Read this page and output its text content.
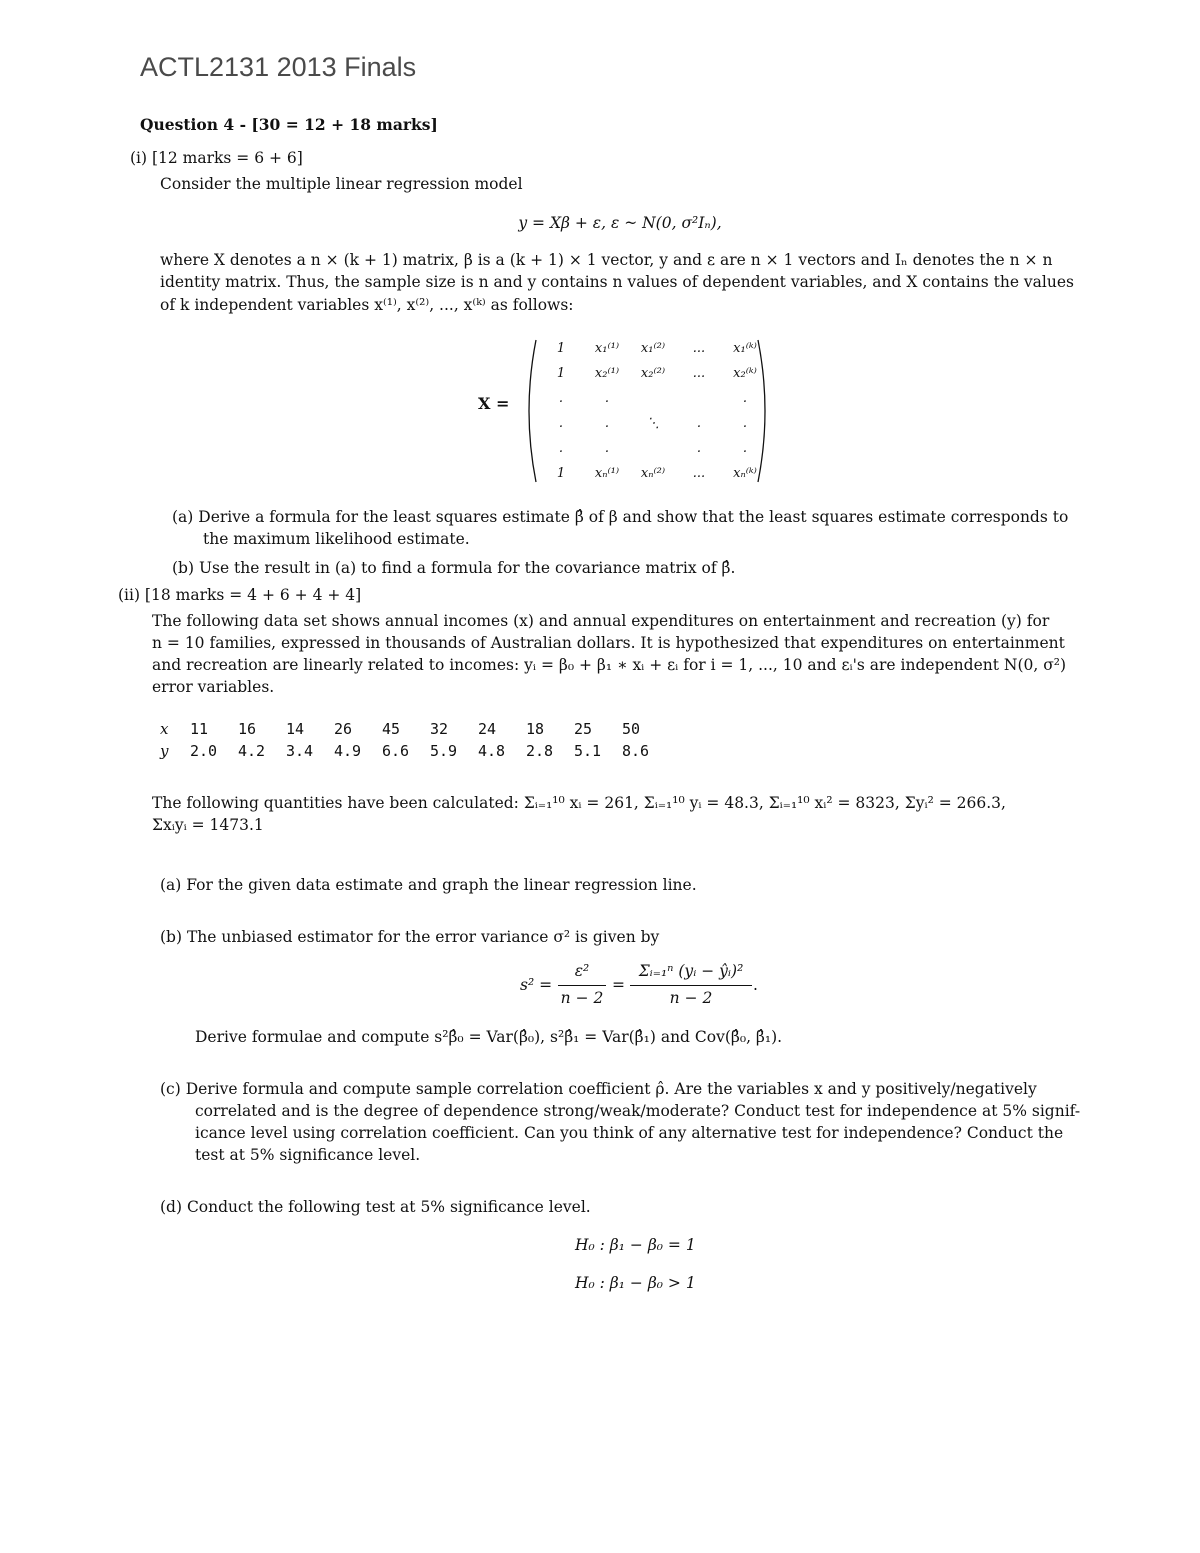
ACTL2131 2013 Finals
Question 4 - [30 = 12 + 18 marks]
(i) [12 marks = 6 + 6]
Consider the multiple linear regression model
y = Xβ + ε, ε ~ N(0, σ²Iₙ),
where X denotes a n × (k + 1) matrix, β is a (k + 1) × 1 vector, y and ε are n × 1 vectors and Iₙ denotes the n × n
identity matrix. Thus, the sample size is n and y contains n values of dependent variables, and X contains the values
of k independent variables x⁽¹⁾, x⁽²⁾, ..., x⁽ᵏ⁾ as follows:
X =
1	x₁⁽¹⁾	x₁⁽²⁾	...	x₁⁽ᵏ⁾
1	x₂⁽¹⁾	x₂⁽²⁾	...	x₂⁽ᵏ⁾
.	.			.
.	.	⋱	.	.
.	.		.	.
1	xₙ⁽¹⁾	xₙ⁽²⁾	...	xₙ⁽ᵏ⁾
(a) Derive a formula for the least squares estimate β̂ of β and show that the least squares estimate corresponds to
the maximum likelihood estimate.
(b) Use the result in (a) to find a formula for the covariance matrix of β̂.
(ii) [18 marks = 4 + 6 + 4 + 4]
The following data set shows annual incomes (x) and annual expenditures on entertainment and recreation (y) for
n = 10 families, expressed in thousands of Australian dollars. It is hypothesized that expenditures on entertainment
and recreation are linearly related to incomes: yᵢ = β₀ + β₁ ∗ xᵢ + εᵢ for i = 1, ..., 10 and εᵢ's are independent N(0, σ²)
error variables.
x	11	16	14	26	45	32	24	18	25	50
y	2.0	4.2	3.4	4.9	6.6	5.9	4.8	2.8	5.1	8.6
The following quantities have been calculated: Σᵢ₌₁¹⁰ xᵢ = 261, Σᵢ₌₁¹⁰ yᵢ = 48.3, Σᵢ₌₁¹⁰ xᵢ² = 8323, Σyᵢ² = 266.3,
Σxᵢyᵢ = 1473.1
(a) For the given data estimate and graph the linear regression line.
(b) The unbiased estimator for the error variance σ² is given by
s² =
ε²
n − 2
=
Σᵢ₌₁ⁿ (yᵢ − ŷᵢ)²
n − 2
.
Derive formulae and compute s²β̂₀ = Var(β̂₀), s²β̂₁ = Var(β̂₁) and Cov(β̂₀, β̂₁).
(c) Derive formula and compute sample correlation coefficient ρ̂. Are the variables x and y positively/negatively
correlated and is the degree of dependence strong/weak/moderate? Conduct test for independence at 5% signif-
icance level using correlation coefficient. Can you think of any alternative test for independence? Conduct the
test at 5% significance level.
(d) Conduct the following test at 5% significance level.
H₀ : β₁ − β₀ = 1
H₀ : β₁ − β₀ > 1
